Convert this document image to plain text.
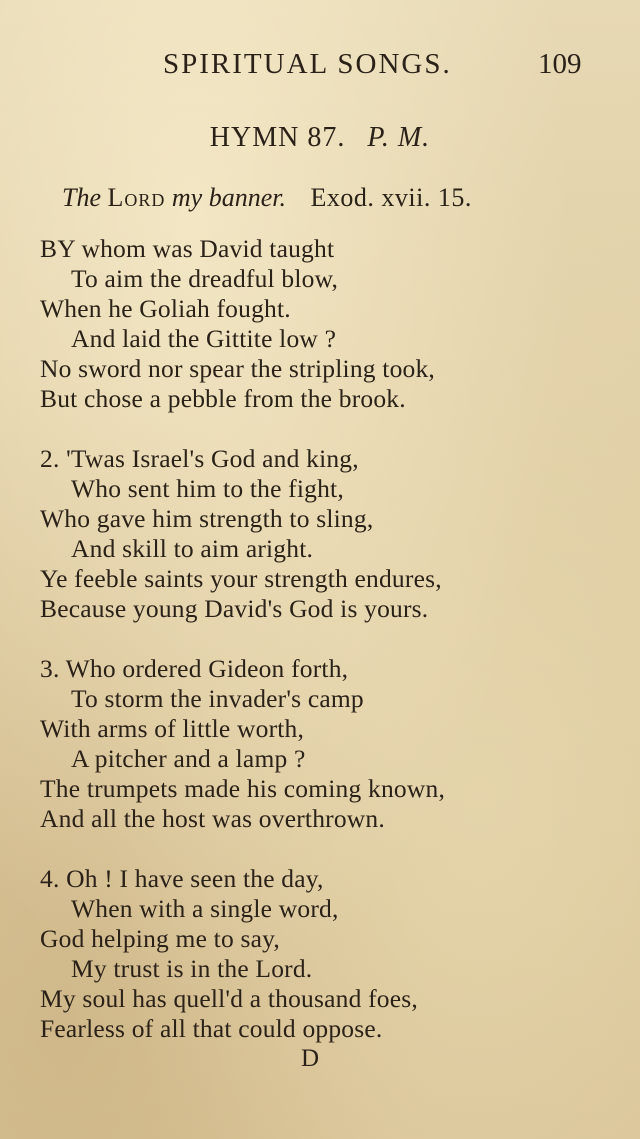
SPIRITUAL SONGS.	109
HYMN 87. P. M.
The Lord my banner. Exod. xvii. 15.
BY whom was David taught
To aim the dreadful blow,
When he Goliah fought.
And laid the Gittite low ?
No sword nor spear the stripling took,
But chose a pebble from the brook.
2. 'Twas Israel's God and king,
Who sent him to the fight,
Who gave him strength to sling,
And skill to aim aright.
Ye feeble saints your strength endures,
Because young David's God is yours.
3. Who ordered Gideon forth,
To storm the invader's camp
With arms of little worth,
A pitcher and a lamp ?
The trumpets made his coming known,
And all the host was overthrown.
4. Oh ! I have seen the day,
When with a single word,
God helping me to say,
My trust is in the Lord.
My soul has quell'd a thousand foes,
Fearless of all that could oppose.
D
